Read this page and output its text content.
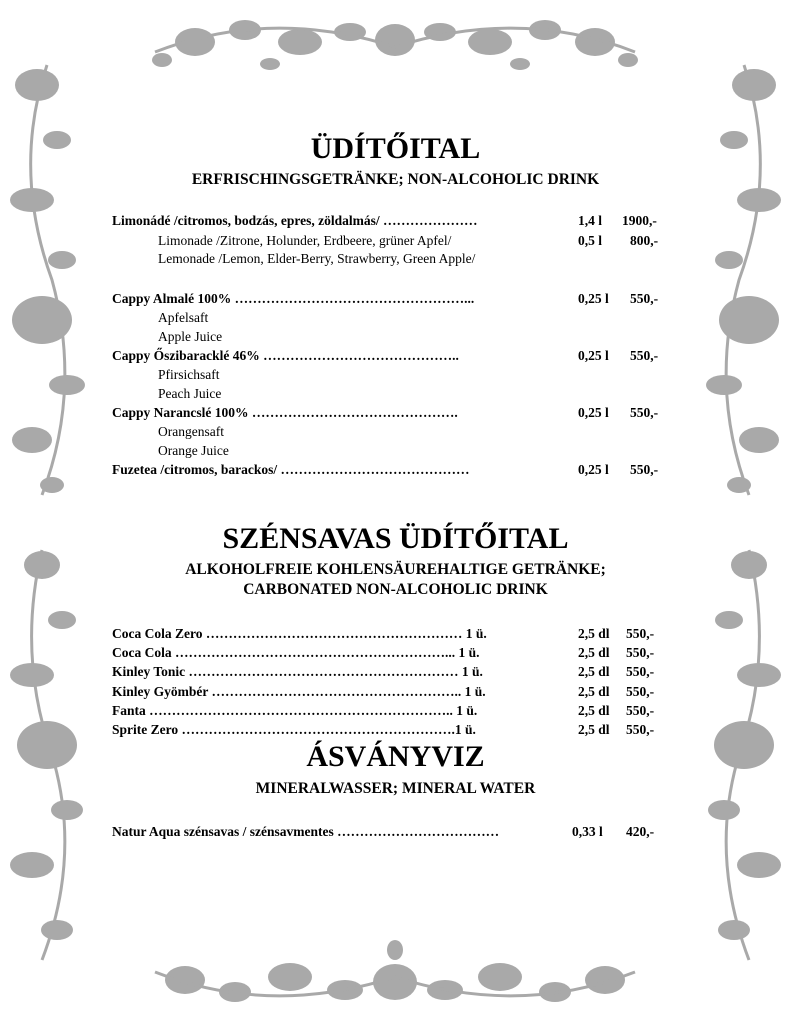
ÜDÍTŐITAL
ERFRISCHINGSGETRÄNKE; NON-ALCOHOLIC DRINK
Limonádé /citromos, bodzás, epres, zöldalmás/ …………………	1,4 l 1900,-
Limonade /Zitrone, Holunder, Erdbeere, grüner Apfel/	0,5 l 800,-
Lemonade /Lemon, Elder-Berry, Strawberry, Green Apple/
Cappy Almalé 100% ……………………………………………...	0,25 l 550,-
Apfelsaft
Apple Juice
Cappy Őszibaracklé 46% ……………………………………..	0,25 l 550,-
Pfirsichsaft
Peach Juice
Cappy Narancslé 100% ……………………………………….	0,25 l 550,-
Orangensaft
Orange Juice
Fuzetea /citromos, barackos/ ……………………………………	0,25 l 550,-
SZÉNSAVAS ÜDÍTŐITAL
ALKOHOLFREIE KOHLENSÄUREHALTIGE GETRÄNKE;
CARBONATED NON-ALCOHOLIC DRINK
Coca Cola Zero ………………………………………………… 1 ü.	2,5 dl 550,-
Coca Cola ……………………………………………………... 1 ü.	2,5 dl 550,-
Kinley Tonic …………………………………………………… 1 ü.	2,5 dl 550,-
Kinley Gyömbér ……………………………………………….. 1 ü.	2,5 dl 550,-
Fanta ………………………………………………………….. 1 ü.	2,5 dl 550,-
Sprite Zero …………………………………………………….1 ü.	2,5 dl 550,-
ÁSVÁNYVIZ
MINERALWASSER; MINERAL WATER
Natur Aqua szénsavas / szénsavmentes ………………………………	0,33 l 420,-
